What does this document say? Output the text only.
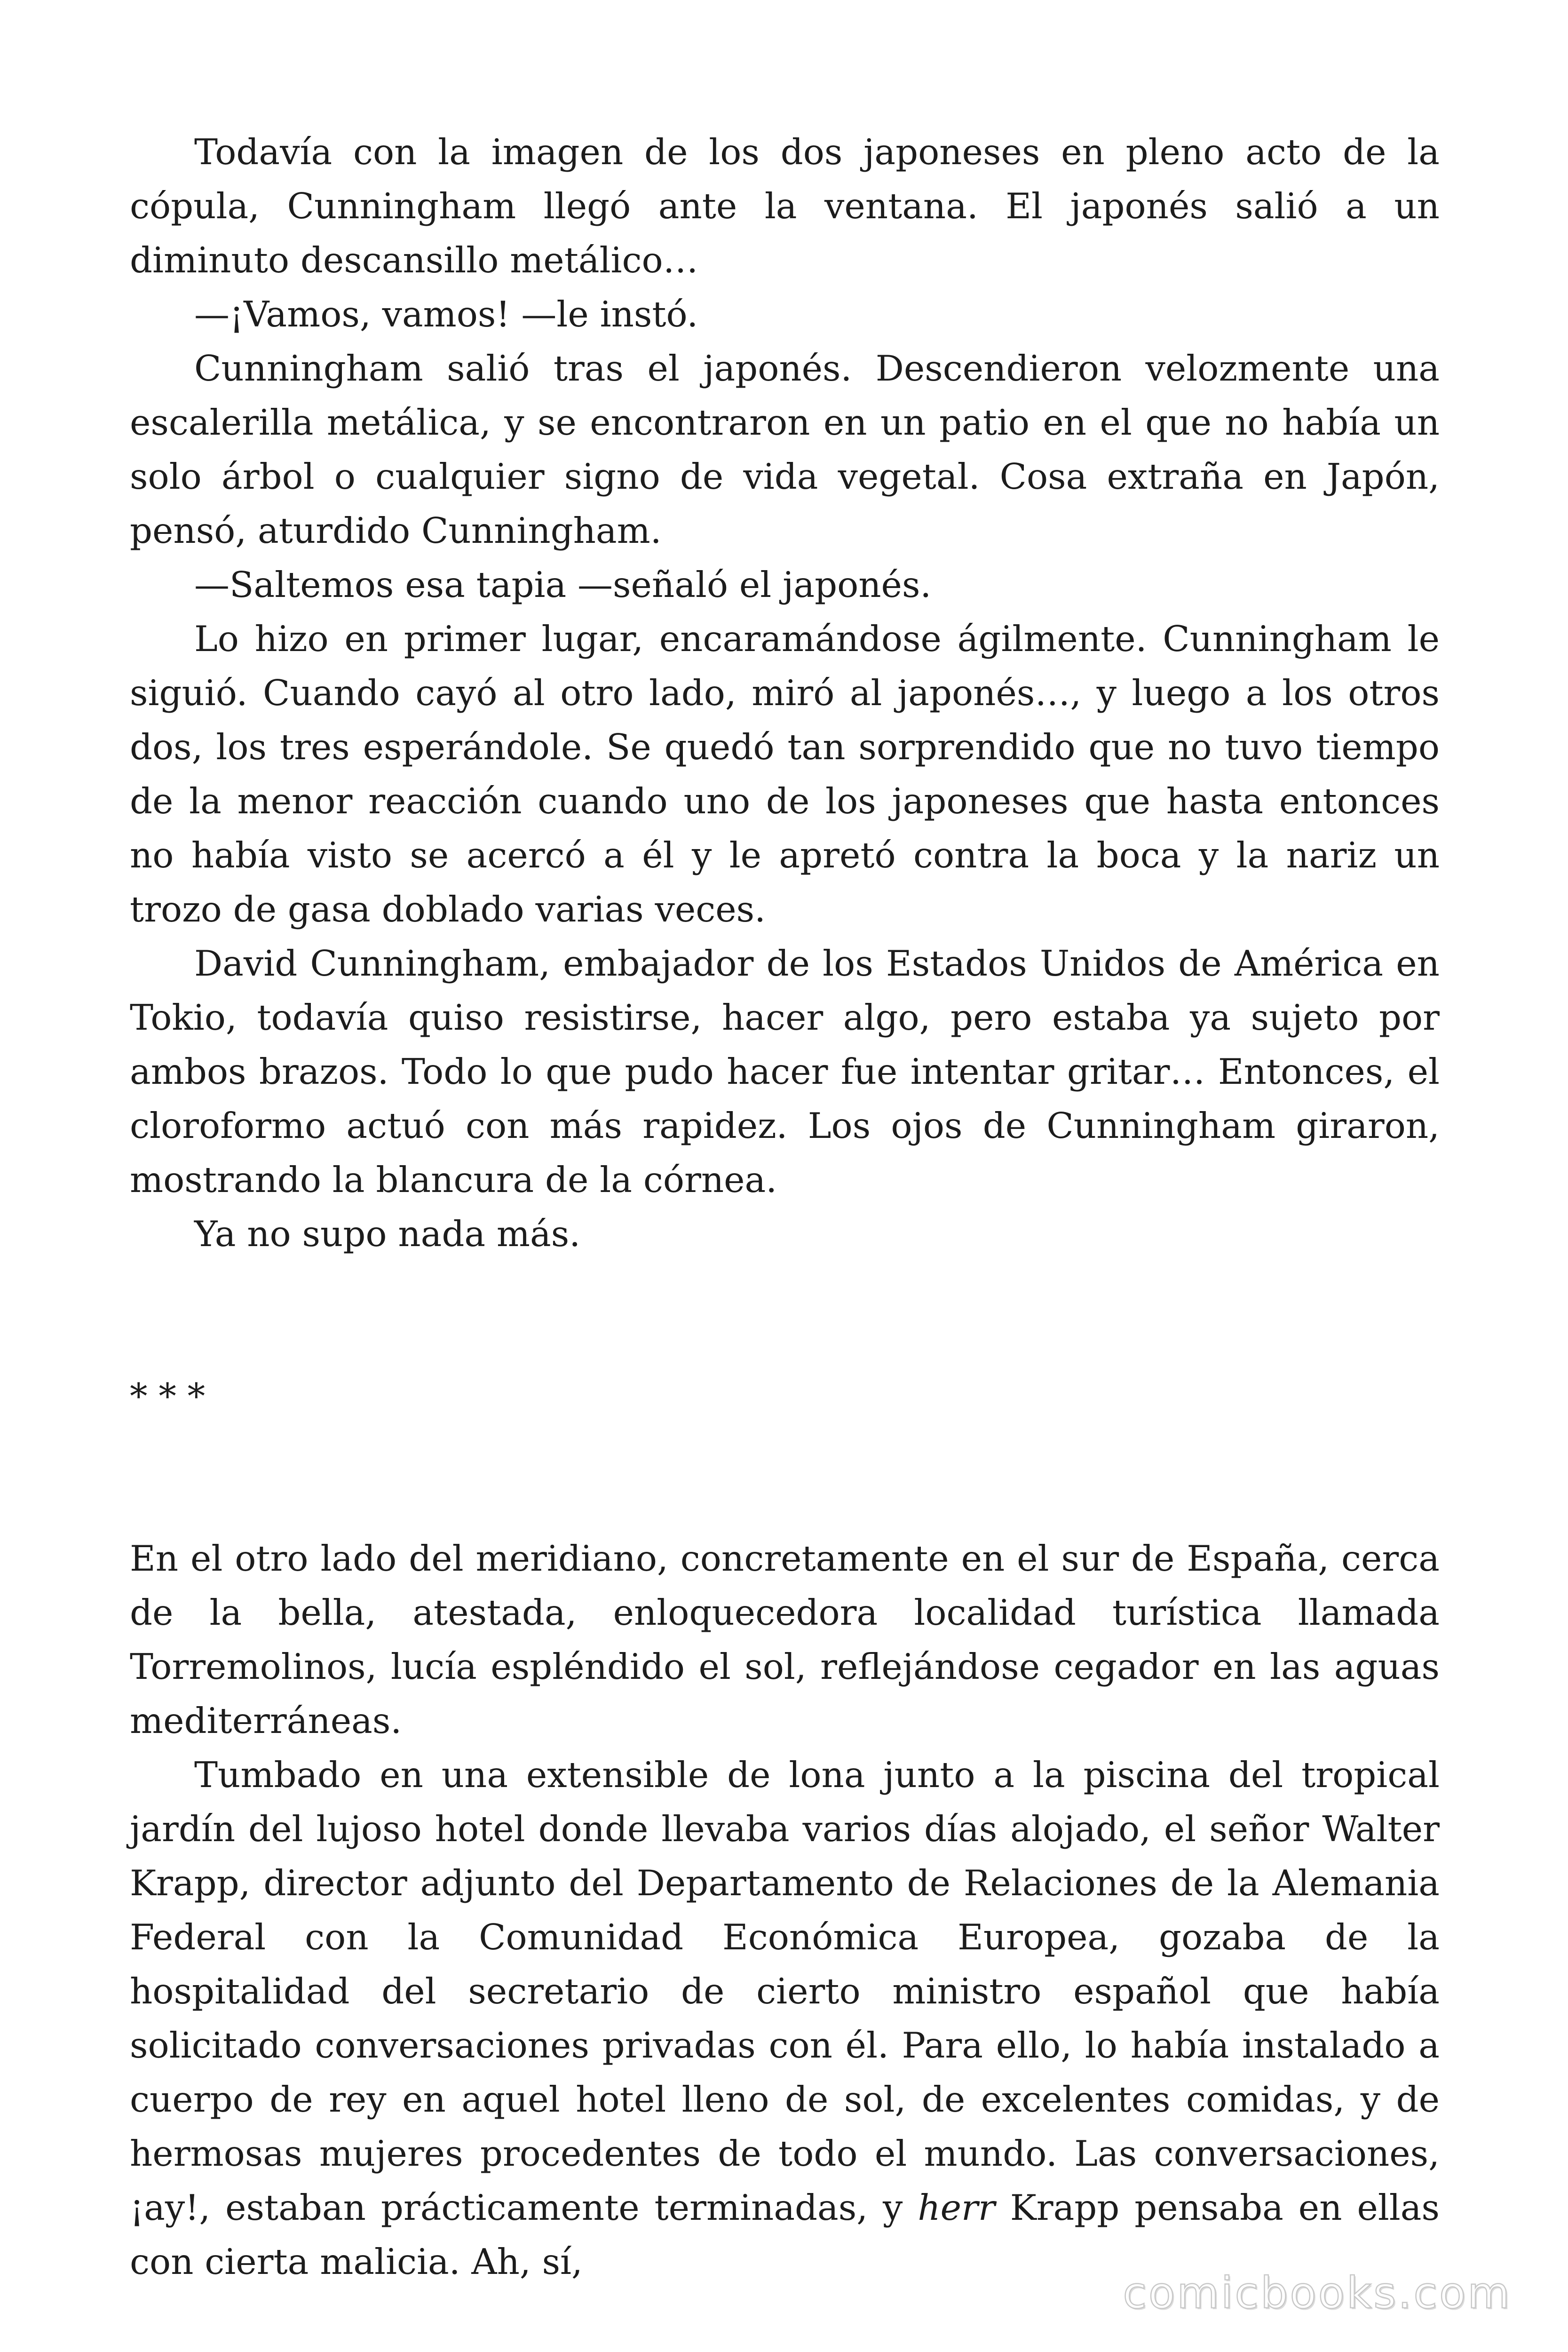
Todavía con la imagen de los dos japoneses en pleno acto de la cópula, Cunningham llegó ante la ventana. El japonés salió a un diminuto descansillo metálico…

—¡Vamos, vamos! —le instó.

Cunningham salió tras el japonés. Descendieron velozmente una escalerilla metálica, y se encontraron en un patio en el que no había un solo árbol o cualquier signo de vida vegetal. Cosa extraña en Japón, pensó, aturdido Cunningham.

—Saltemos esa tapia —señaló el japonés.

Lo hizo en primer lugar, encaramándose ágilmente. Cunningham le siguió. Cuando cayó al otro lado, miró al japonés…, y luego a los otros dos, los tres esperándole. Se quedó tan sorprendido que no tuvo tiempo de la menor reacción cuando uno de los japoneses que hasta entonces no había visto se acercó a él y le apretó contra la boca y la nariz un trozo de gasa doblado varias veces.

David Cunningham, embajador de los Estados Unidos de América en Tokio, todavía quiso resistirse, hacer algo, pero estaba ya sujeto por ambos brazos. Todo lo que pudo hacer fue intentar gritar… Entonces, el cloroformo actuó con más rapidez. Los ojos de Cunningham giraron, mostrando la blancura de la córnea.

Ya no supo nada más.

* * *

En el otro lado del meridiano, concretamente en el sur de España, cerca de la bella, atestada, enloquecedora localidad turística llamada Torremolinos, lucía espléndido el sol, reflejándose cegador en las aguas mediterráneas.

Tumbado en una extensible de lona junto a la piscina del tropical jardín del lujoso hotel donde llevaba varios días alojado, el señor Walter Krapp, director adjunto del Departamento de Relaciones de la Alemania Federal con la Comunidad Económica Europea, gozaba de la hospitalidad del secretario de cierto ministro español que había solicitado conversaciones privadas con él. Para ello, lo había instalado a cuerpo de rey en aquel hotel lleno de sol, de excelentes comidas, y de hermosas mujeres procedentes de todo el mundo. Las conversaciones, ¡ay!, estaban prácticamente terminadas, y herr Krapp pensaba en ellas con cierta malicia. Ah, sí,

comicbooks.com
